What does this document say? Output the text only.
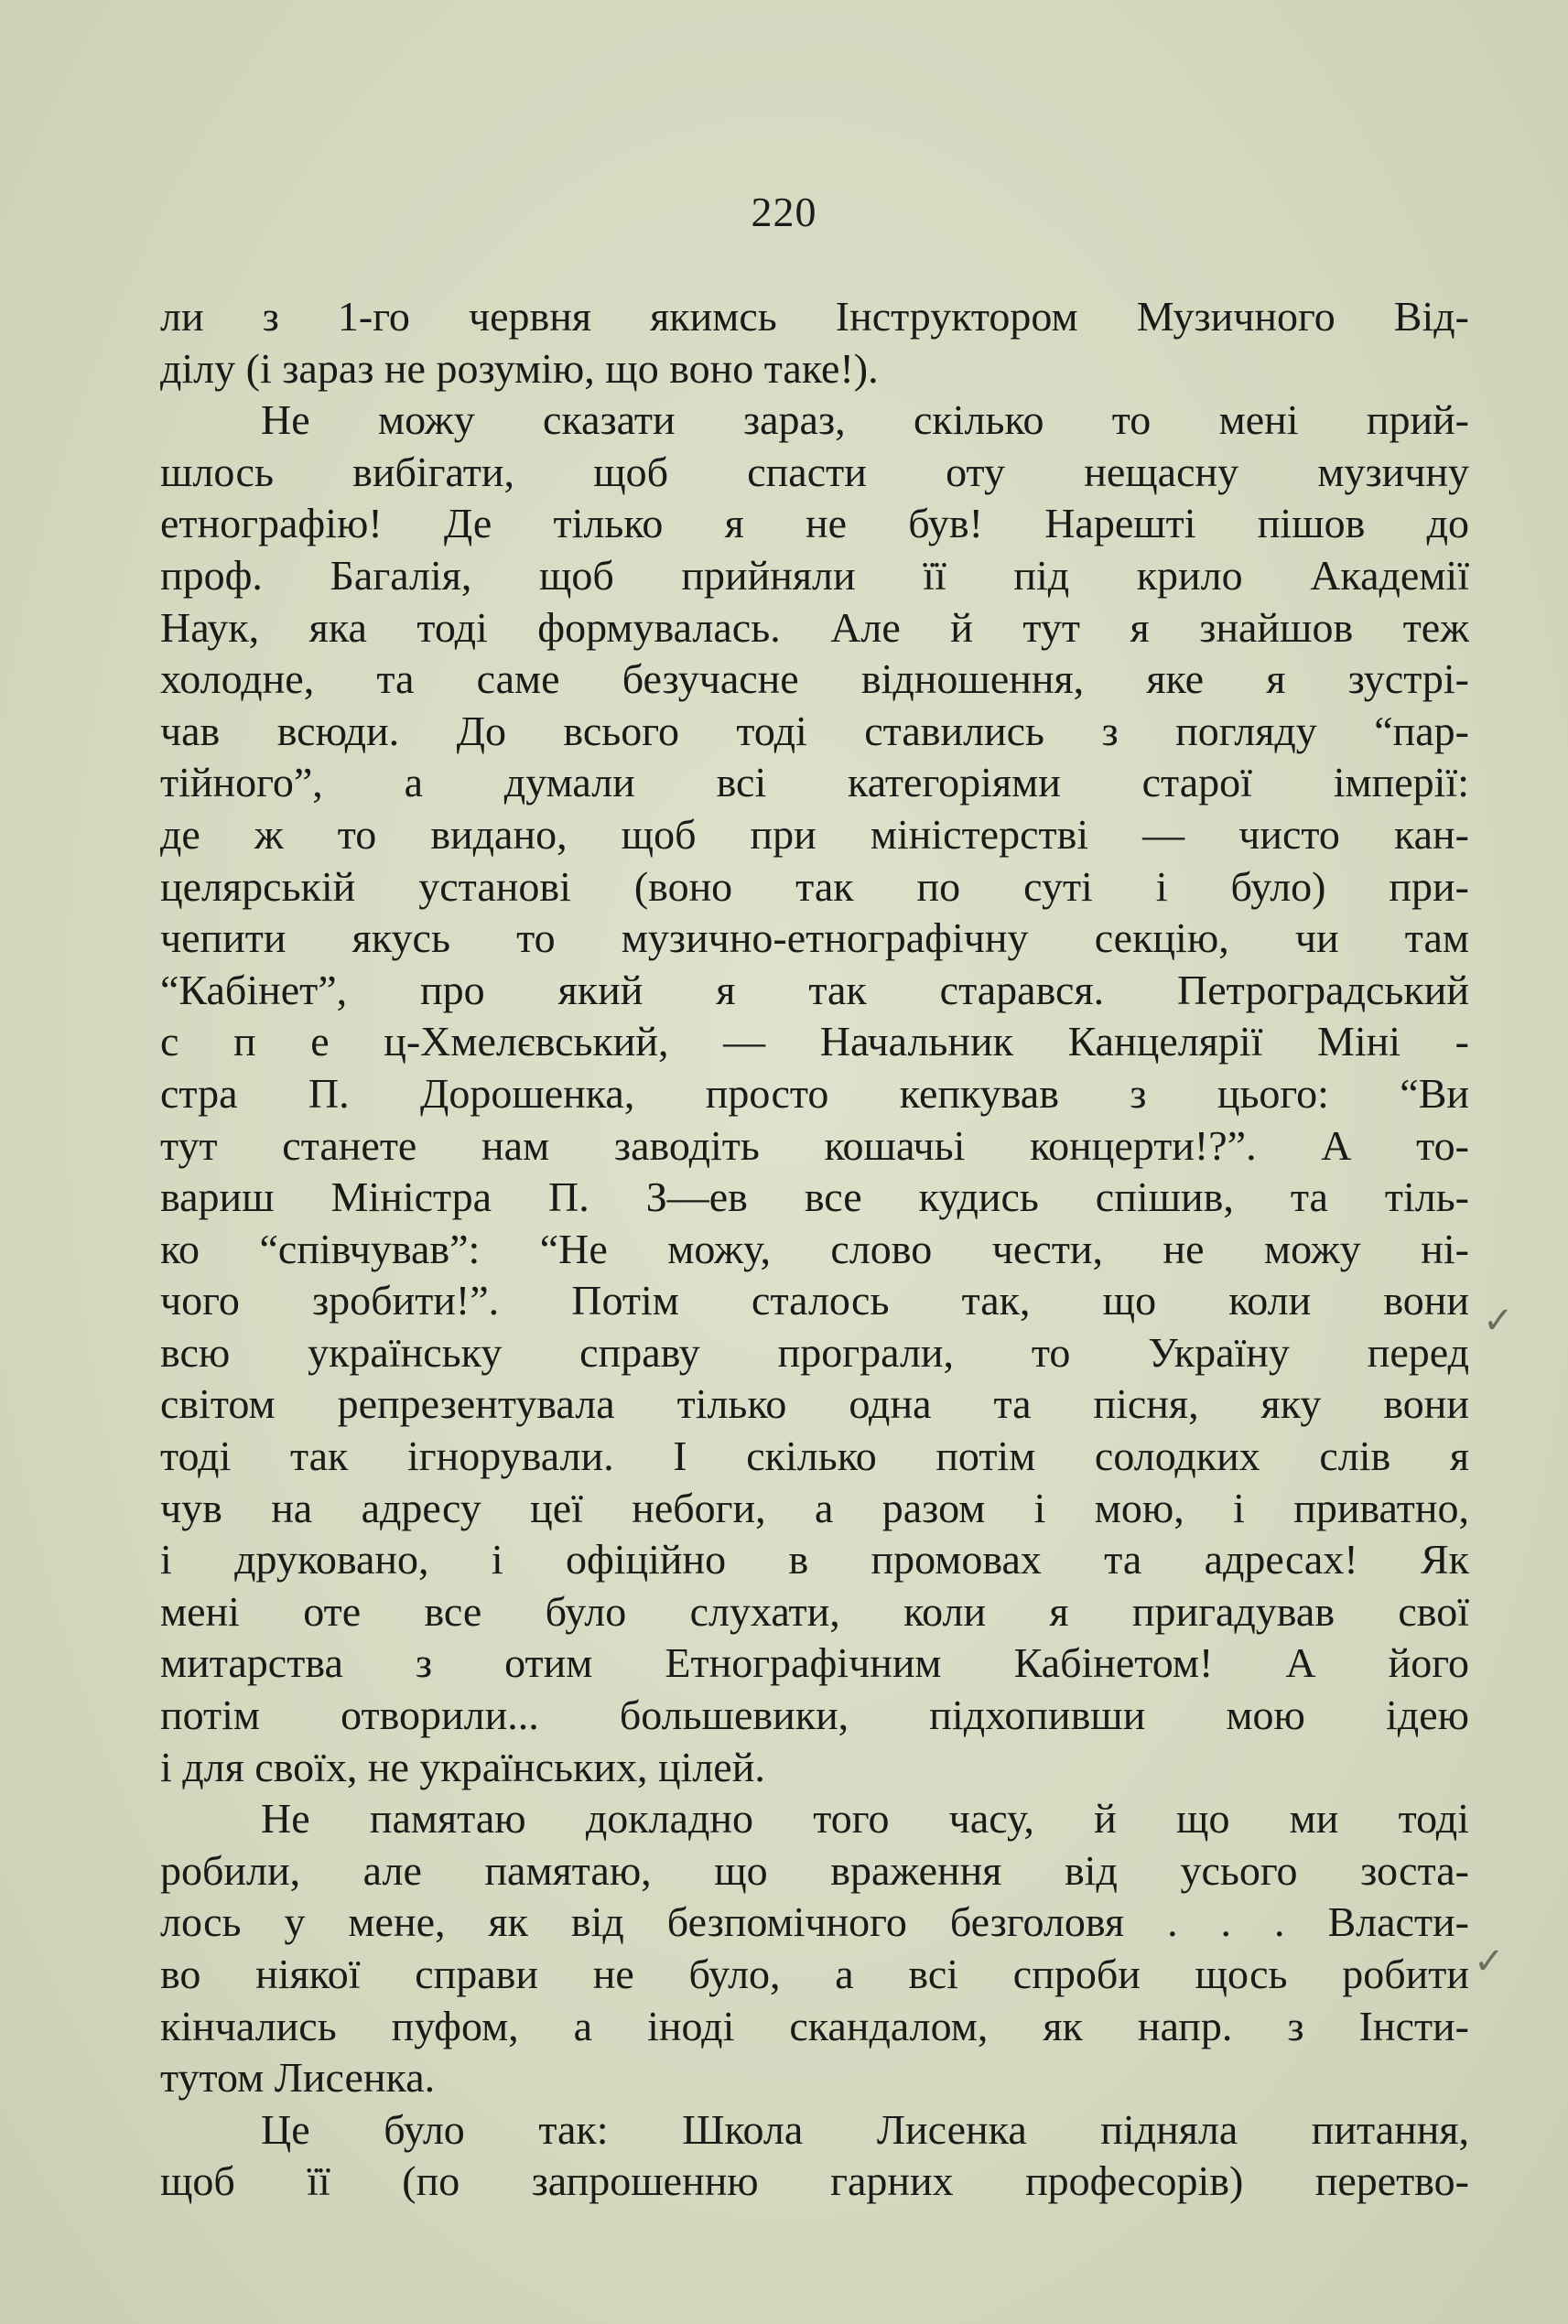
220
ли з 1-го червня якимсь Інструктором Музичного Від-
ділу (і зараз не розумію, що воно таке!).
Не можу сказати зараз, скілько то мені прий-
шлось вибігати, щоб спасти оту нещасну музичну
етнографію! Де тілько я не був! Нарешті пішов до
проф. Багалія, щоб прийняли її під крило Академії
Наук, яка тоді формувалась. Але й тут я знайшов теж
холодне, та саме безучасне відношення, яке я зустрі-
чав всюди. До всього тоді ставились з погляду “пар-
тійного”, а думали всі категоріями старої імперії:
де ж то видано, щоб при міністерстві — чисто кан-
целярській установі (воно так по суті і було) при-
чепити якусь то музично-етнографічну секцію, чи там
“Кабінет”, про який я так старався. Петроградський
с п е ц-Хмелєвський, — Начальник Канцелярії Міні -
стра П. Дорошенка, просто кепкував з цього: “Ви
тут станете нам заводіть кошачьі концерти!?”. А то-
вариш Міністра П. З—ев все кудись спішив, та тіль-
ко “співчував”: “Не можу, слово чести, не можу ні-
чого зробити!”. Потім сталось так, що коли вони
всю українську справу програли, то Україну перед
світом репрезентувала тілько одна та пісня, яку вони
тоді так ігнорували. І скілько потім солодких слів я
чув на адресу цеї небоги, а разом і мою, і приватно,
і друковано, і офіційно в промовах та адресах! Як
мені оте все було слухати, коли я пригадував свої
митарства з отим Етнографічним Кабінетом! А його
потім отворили... большевики, підхопивши мою ідею
і для своїх, не українських, цілей.
Не памятаю докладно того часу, й що ми тоді
робили, але памятаю, що враження від усього зоста-
лось у мене, як від безпомічного безголовя . . . Власти-
во ніякої справи не було, а всі спроби щось робити
кінчались пуфом, а іноді скандалом, як напр. з Інсти-
тутом Лисенка.
Це було так: Школа Лисенка підняла питання,
щоб її (по запрошенню гарних професорів) перетво-
✓
✓
